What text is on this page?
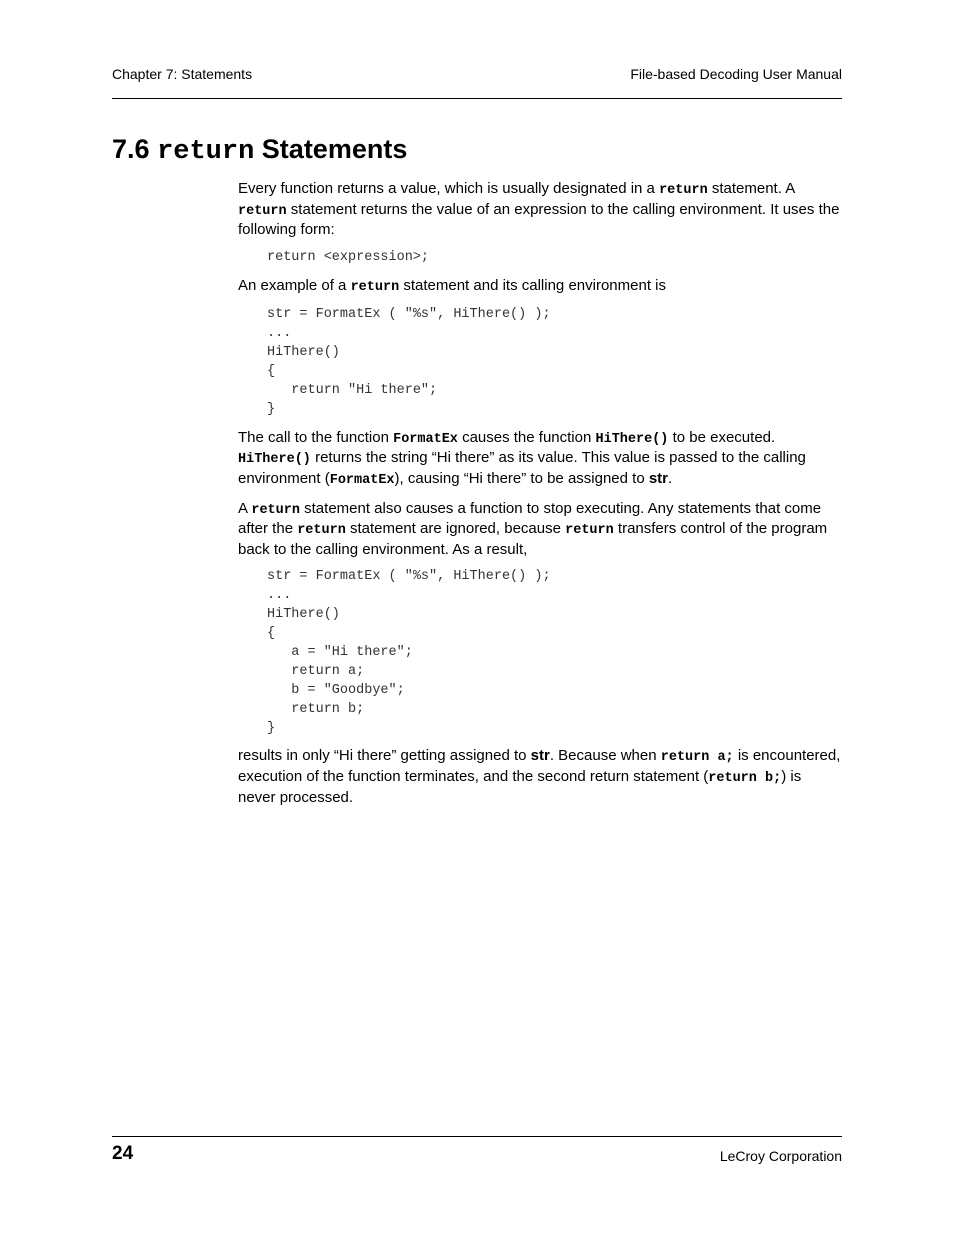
Chapter 7: Statements	File-based Decoding User Manual
7.6 return Statements

Every function returns a value, which is usually designated in a return statement. A return statement returns the value of an expression to the calling environment. It uses the following form:

return <expression>;

An example of a return statement and its calling environment is

str = FormatEx ( "%s", HiThere() );
...
HiThere()
{
return "Hi there";
}

The call to the function FormatEx causes the function HiThere() to be executed. HiThere() returns the string “Hi there” as its value. This value is passed to the calling environment (FormatEx), causing “Hi there” to be assigned to str.

A return statement also causes a function to stop executing. Any statements that come after the return statement are ignored, because return transfers control of the program back to the calling environment. As a result,

str = FormatEx ( "%s", HiThere() );
...
HiThere()
{
a = "Hi there";
return a;
b = "Goodbye";
return b;
}

results in only “Hi there” getting assigned to str. Because when return a; is encountered, execution of the function terminates, and the second return statement (return b;) is never processed.

24	LeCroy Corporation
